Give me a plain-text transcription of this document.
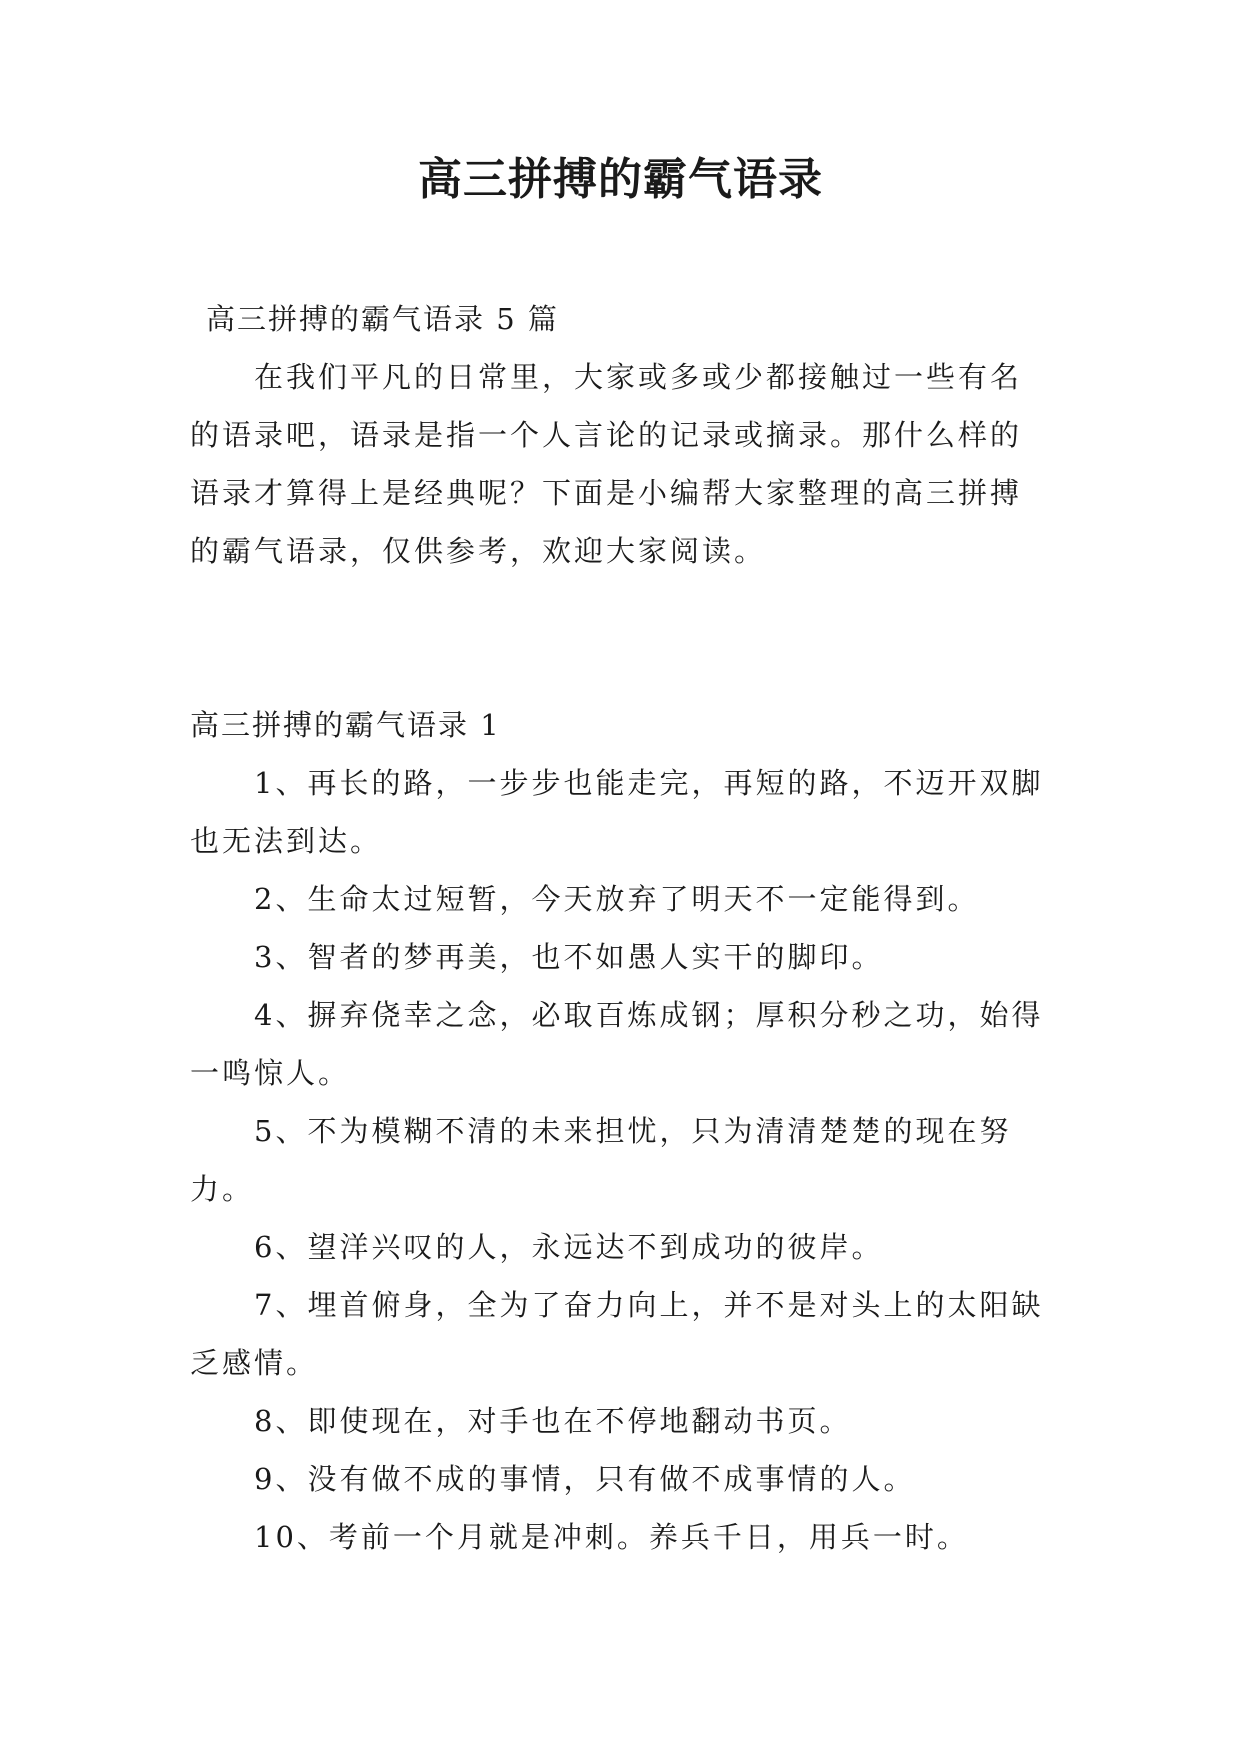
高三拼搏的霸气语录

高三拼搏的霸气语录 5 篇

在我们平凡的日常里，大家或多或少都接触过一些有名的语录吧，语录是指一个人言论的记录或摘录。那什么样的语录才算得上是经典呢？下面是小编帮大家整理的高三拼搏的霸气语录，仅供参考，欢迎大家阅读。

高三拼搏的霸气语录 1

1、再长的路，一步步也能走完，再短的路，不迈开双脚也无法到达。

2、生命太过短暂，今天放弃了明天不一定能得到。

3、智者的梦再美，也不如愚人实干的脚印。

4、摒弃侥幸之念，必取百炼成钢；厚积分秒之功，始得一鸣惊人。

5、不为模糊不清的未来担忧，只为清清楚楚的现在努力。

6、望洋兴叹的人，永远达不到成功的彼岸。

7、埋首俯身，全为了奋力向上，并不是对头上的太阳缺乏感情。

8、即使现在，对手也在不停地翻动书页。

9、没有做不成的事情，只有做不成事情的人。

10、考前一个月就是冲刺。养兵千日，用兵一时。
